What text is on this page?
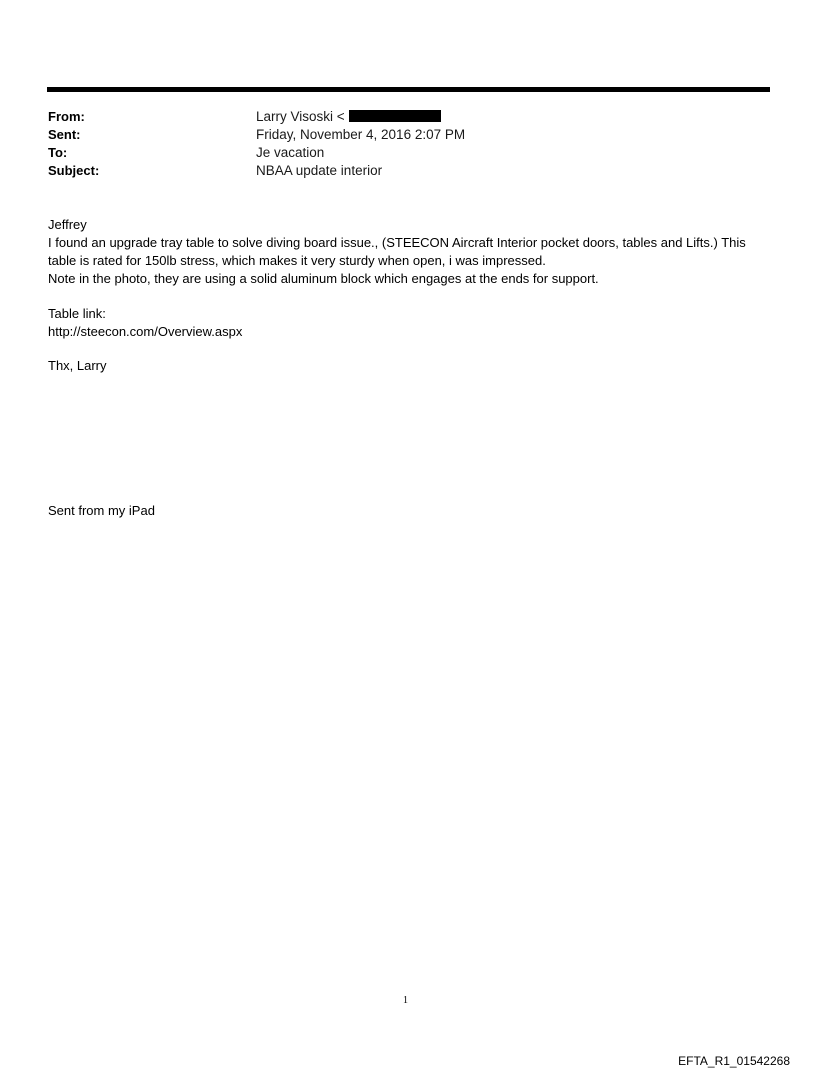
From:	Larry Visoski <
Sent:	Friday, November 4, 2016 2:07 PM
To:	Je vacation
Subject:	NBAA update interior

Jeffrey

I found an upgrade tray table to solve diving board issue., (STEECON Aircraft Interior pocket doors, tables and Lifts.) This

table is rated for 150lb stress, which makes it very sturdy when open, i was impressed.

Note in the photo, they are using a solid aluminum block which engages at the ends for support.

Table link:

http://steecon.com/Overview.aspx

Thx, Larry

Sent from my iPad
1
EFTA_R1_01542268
